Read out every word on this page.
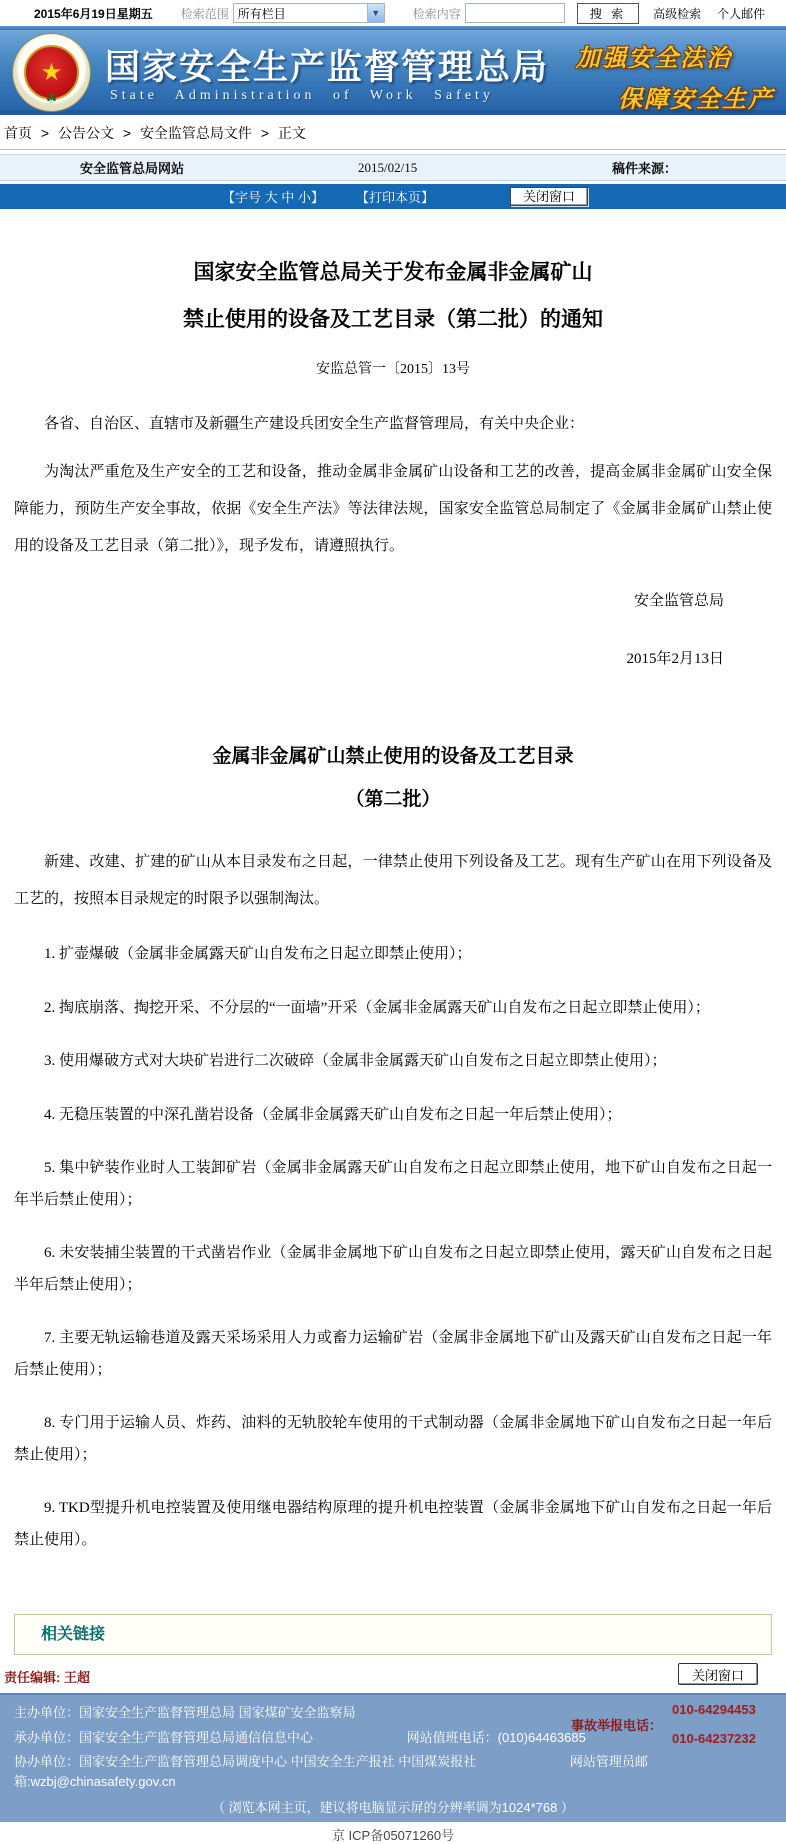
2015年6月19日星期五 检索范围 所有栏目	▼	检索内容	搜 索	高级检索 个人邮件
★
☘
国家安全生产监督管理总局
State Administration of Work Safety
加强安全法治
保障安全生产
首页 > 公告公文 > 安全监管总局文件 > 正文
安全监管总局网站	2015/02/15	稿件来源：
【字号 大 中 小】 【打印本页】	关闭窗口
国家安全监管总局关于发布金属非金属矿山
禁止使用的设备及工艺目录（第二批）的通知
安监总管一〔2015〕13号

各省、自治区、直辖市及新疆生产建设兵团安全生产监督管理局，有关中央企业：

为淘汰严重危及生产安全的工艺和设备，推动金属非金属矿山设备和工艺的改善，提高金属非金属矿山安全保障能力，预防生产安全事故，依据《安全生产法》等法律法规，国家安全监管总局制定了《金属非金属矿山禁止使用的设备及工艺目录（第二批）》，现予发布，请遵照执行。

安全监管总局
2015年2月13日
金属非金属矿山禁止使用的设备及工艺目录
（第二批）

新建、改建、扩建的矿山从本目录发布之日起，一律禁止使用下列设备及工艺。现有生产矿山在用下列设备及工艺的，按照本目录规定的时限予以强制淘汰。

1. 扩壶爆破（金属非金属露天矿山自发布之日起立即禁止使用）；

2. 掏底崩落、掏挖开采、不分层的“一面墙”开采（金属非金属露天矿山自发布之日起立即禁止使用）；

3. 使用爆破方式对大块矿岩进行二次破碎（金属非金属露天矿山自发布之日起立即禁止使用）；

4. 无稳压装置的中深孔凿岩设备（金属非金属露天矿山自发布之日起一年后禁止使用）；

5. 集中铲装作业时人工装卸矿岩（金属非金属露天矿山自发布之日起立即禁止使用，地下矿山自发布之日起一年半后禁止使用）；

6. 未安装捕尘装置的干式凿岩作业（金属非金属地下矿山自发布之日起立即禁止使用，露天矿山自发布之日起半年后禁止使用）；

7. 主要无轨运输巷道及露天采场采用人力或畜力运输矿岩（金属非金属地下矿山及露天矿山自发布之日起一年后禁止使用）；

8. 专门用于运输人员、炸药、油料的无轨胶轮车使用的干式制动器（金属非金属地下矿山自发布之日起一年后禁止使用）；

9. TKD型提升机电控装置及使用继电器结构原理的提升机电控装置（金属非金属地下矿山自发布之日起一年后禁止使用）。

相关链接
责任编辑: 王超	关闭窗口
主办单位：国家安全生产监督管理总局 国家煤矿安全监察局
承办单位：国家安全生产监督管理总局通信信息中心	网站值班电话：(010)64463685
协办单位：国家安全生产监督管理总局调度中心 中国安全生产报社 中国煤炭报社	网站管理员邮箱:wzbj@chinasafety.gov.cn
（ 浏览本网主页，建议将电脑显示屏的分辨率调为1024*768 ）
事故举报电话：
010-64294453
010-64237232
京 ICP备05071260号
